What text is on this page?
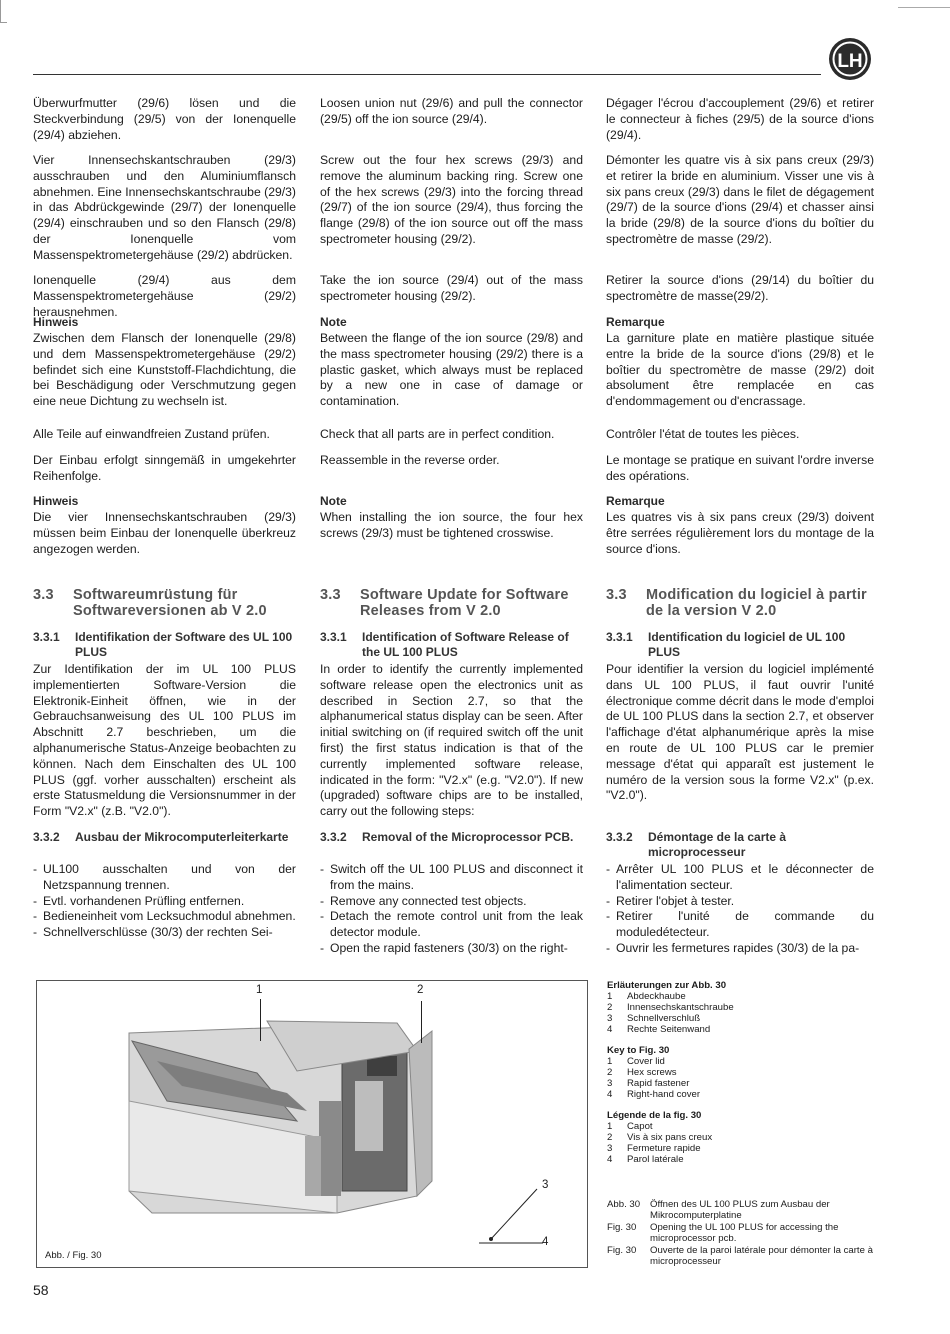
LH

Überwurfmutter (29/6) lösen und die Steckverbindung (29/5) von der Ionenquelle (29/4) abziehen.

Vier Innensechskantschrauben (29/3) ausschrauben und den Aluminiumflansch abnehmen. Eine Innensechskantschraube (29/3) in das Abdrückgewinde (29/7) der Ionenquelle (29/4) einschrauben und so den Flansch (29/8) der Ionenquelle vom Massenspektrometergehäuse (29/2) abdrücken.

Ionenquelle (29/4) aus dem Massenspektrometergehäuse (29/2) herausnehmen.

Hinweis

Zwischen dem Flansch der Ionenquelle (29/8) und dem Massenspektrometergehäuse (29/2) befindet sich eine Kunststoff-Flachdichtung, die bei Beschädigung oder Verschmutzung gegen eine neue Dichtung zu wechseln ist.

Alle Teile auf einwandfreien Zustand prüfen.

Der Einbau erfolgt sinngemäß in umgekehrter Reihenfolge.

Hinweis

Die vier Innensechskantschrauben (29/3) müssen beim Einbau der Ionenquelle überkreuz angezogen werden.

3.3 Softwareumrüstung für Softwareversionen ab V 2.0
3.3.1 Identifikation der Software des UL 100 PLUS

Zur Identifikation der im UL 100 PLUS implementierten Software-Version die Elektronik-Einheit öffnen, wie in der Gebrauchsanweisung des UL 100 PLUS im Abschnitt 2.7 beschrieben, um die alphanumerische Status-Anzeige beobachten zu können. Nach dem Einschalten des UL 100 PLUS (ggf. vorher ausschalten) erscheint als erste Statusmeldung die Versionsnummer in der Form "V2.x" (z.B. "V2.0").

3.3.2 Ausbau der Mikrocomputerleiterkarte
- UL100 ausschalten und von der Netzspannung trennen.
- Evtl. vorhandenen Prüfling entfernen.
- Bedieneinheit vom Lecksuchmodul abnehmen.
- Schnellverschlüsse (30/3) der rechten Sei-

Loosen union nut (29/6) and pull the connector (29/5) off the ion source (29/4).

Screw out the four hex screws (29/3) and remove the aluminum backing ring. Screw one of the hex screws (29/3) into the forcing thread (29/7) of the ion source (29/4), thus forcing the flange (29/8) of the ion source out off the mass spectrometer housing (29/2).

Take the ion source (29/4) out of the mass spectrometer housing (29/2).

Note

Between the flange of the ion source (29/8) and the mass spectrometer housing (29/2) there is a plastic gasket, which always must be replaced by a new one in case of damage or contamination.

Check that all parts are in perfect condition.

Reassemble in the reverse order.

Note

When installing the ion source, the four hex screws (29/3) must be tightened crosswise.

3.3 Software Update for Software Releases from V 2.0
3.3.1 Identification of Software Release of the UL 100 PLUS

In order to identify the currently implemented software release open the electronics unit as described in Section 2.7, so that the alphanumerical status display can be seen. After initial switching on (if required switch off the unit first) the first status indication is that of the currently implemented software release, indicated in the form: "V2.x" (e.g. "V2.0"). If new (upgraded) software chips are to be installed, carry out the following steps:

3.3.2 Removal of the Microprocessor PCB.
- Switch off the UL 100 PLUS and disconnect it from the mains.
- Remove any connected test objects.
- Detach the remote control unit from the leak detector module.
- Open the rapid fasteners (30/3) on the right-

Dégager l'écrou d'accouplement (29/6) et retirer le connecteur à fiches (29/5) de la source d'ions (29/4).

Démonter les quatre vis à six pans creux (29/3) et retirer la bride en aluminium. Visser une vis à six pans creux (29/3) dans le filet de dégagement (29/7) de la source d'ions (29/4) et chasser ainsi la bride (29/8) de la source d'ions du boîtier du spectromètre de masse (29/2).

Retirer la source d'ions (29/14) du boîtier du spectromètre de masse(29/2).

Remarque

La garniture plate en matière plastique située entre la bride de la source d'ions (29/8) et le boîtier du spectromètre de masse (29/2) doit absolument être remplacée en cas d'endommagement ou d'encrassage.

Contrôler l'état de toutes les pièces.

Le montage se pratique en suivant l'ordre inverse des opérations.

Remarque

Les quatres vis à six pans creux (29/3) doivent être serrées régulièrement lors du montage de la source d'ions.

3.3 Modification du logiciel à partir de la version V 2.0
3.3.1 Identification du logiciel de UL 100 PLUS

Pour identifier la version du logiciel implémenté dans UL 100 PLUS, il faut ouvrir l'unité électronique comme décrit dans le mode d'emploi de UL 100 PLUS dans la section 2.7, et observer l'affichage d'état alphanumérique après la mise en route de UL 100 PLUS car le premier message d'état qui apparaît est justement le numéro de la version sous la forme V2.x" (p.ex. "V2.0").

3.3.2 Démontage de la carte à microprocesseur
- Arrêter UL 100 PLUS et le déconnecter de l'alimentation secteur.
- Retirer l'objet à tester.
- Retirer l'unité de commande du moduledétecteur.
- Ouvrir les fermetures rapides (30/3) de la pa-
1	2
3
4
Abb. / Fig. 30
Erläuterungen zur Abb. 30
1 Abdeckhaube
2 Innensechskantschraube
3 Schnellverschluß
4 Rechte Seitenwand
Key to Fig. 30
1 Cover lid
2 Hex screws
3 Rapid fastener
4 Right-hand cover
Légende de la fig. 30
1 Capot
2 Vis à six pans creux
3 Fermeture rapide
4 Parol latérale
Abb. 30 Öffnen des UL 100 PLUS zum Ausbau der Mikrocomputerplatine
Fig. 30 Opening the UL 100 PLUS for accessing the microprocessor pcb.
Fig. 30 Ouverte de la paroi latérale pour démonter la carte à microprocesseur
58
